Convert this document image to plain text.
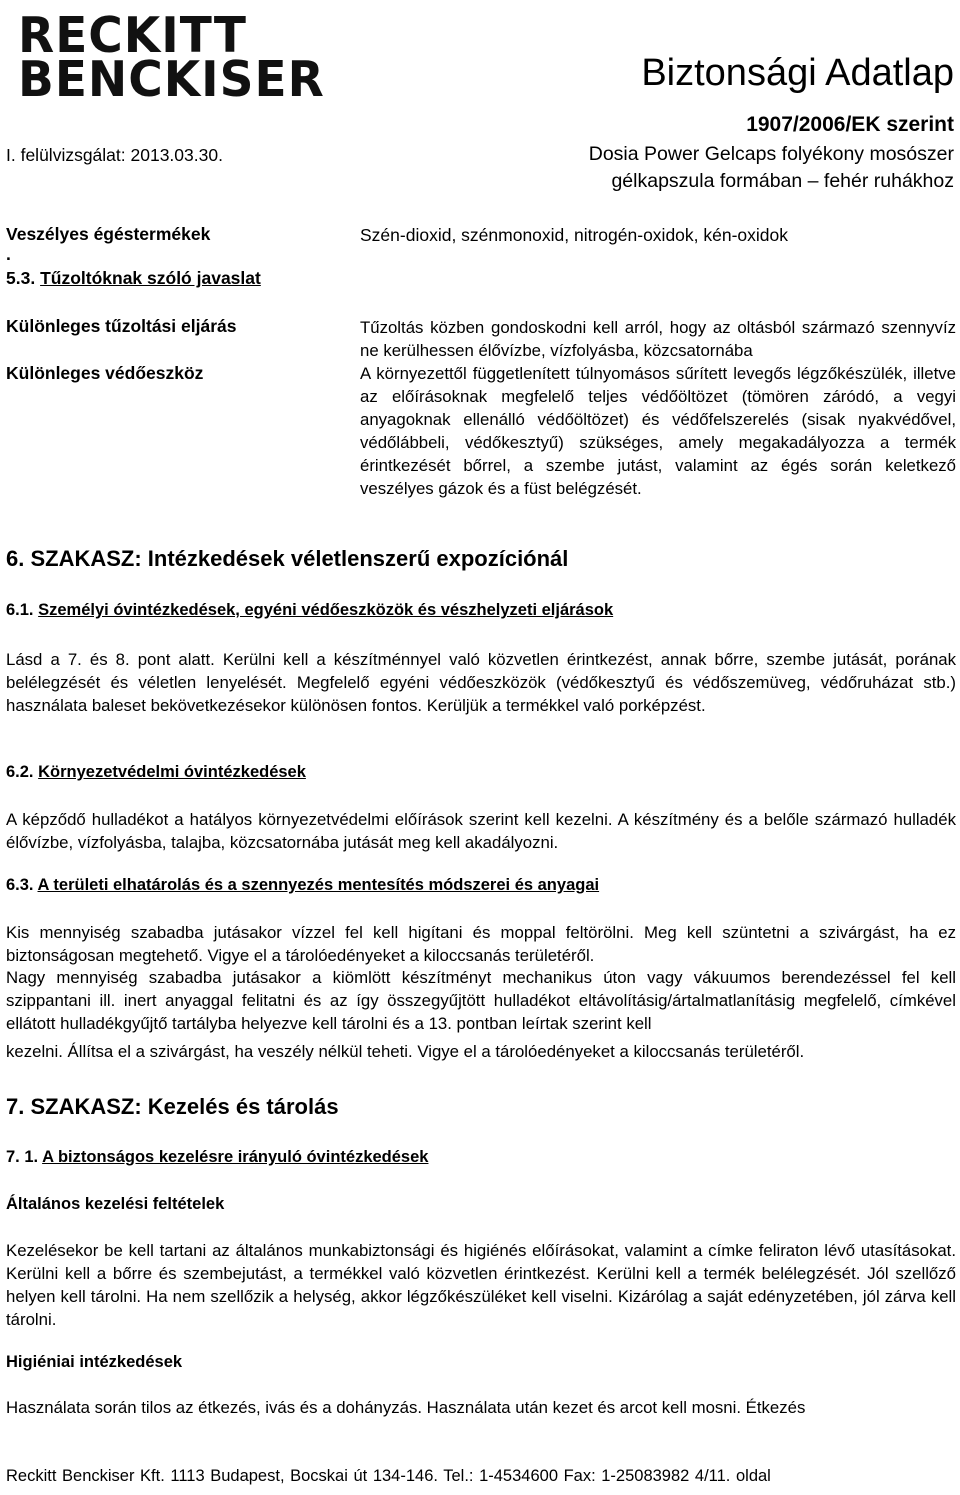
RECKITT
BENCKISER	Biztonsági Adatlap
1907/2006/EK szerint
I. felülvizsgálat: 2013.03.30.	Dosia Power Gelcaps folyékony mosószer
gélkapszula formában – fehér ruhákhoz
Veszélyes égéstermékek	Szén-dioxid, szénmonoxid, nitrogén-oxidok, kén-oxidok
.
5.3. Tűzoltóknak szóló javaslat
Különleges tűzoltási eljárás	Tűzoltás közben gondoskodni kell arról, hogy az oltásból származó szennyvíz ne kerülhessen élővízbe, vízfolyásba, közcsatornába
Különleges védőeszköz	A környezettől függetlenített túlnyomásos sűrített levegős légzőkészülék, illetve az előírásoknak megfelelő teljes védőöltözet (tömören záródó, a vegyi anyagoknak ellenálló védőöltözet) és védőfelszerelés (sisak nyakvédővel, védőlábbeli, védőkesztyű) szükséges, amely megakadályozza a termék érintkezését bőrrel, a szembe jutást, valamint az égés során keletkező veszélyes gázok és a füst belégzését.
6. SZAKASZ: Intézkedések véletlenszerű expozíciónál
6.1. Személyi óvintézkedések, egyéni védőeszközök és vészhelyzeti eljárások
Lásd a 7. és 8. pont alatt. Kerülni kell a készítménnyel való közvetlen érintkezést, annak bőrre, szembe jutását, porának belélegzését és véletlen lenyelését. Megfelelő egyéni védőeszközök (védőkesztyű és védőszemüveg, védőruházat stb.) használata baleset bekövetkezésekor különösen fontos. Kerüljük a termékkel való porképzést.
6.2. Környezetvédelmi óvintézkedések
A képződő hulladékot a hatályos környezetvédelmi előírások szerint kell kezelni. A készítmény és a belőle származó hulladék élővízbe, vízfolyásba, talajba, közcsatornába jutását meg kell akadályozni.
6.3. A területi elhatárolás és a szennyezés mentesítés módszerei és anyagai
Kis mennyiség szabadba jutásakor vízzel fel kell higítani és moppal feltörölni. Meg kell szüntetni a szivárgást, ha ez biztonságosan megtehető. Vigye el a tárolóedényeket a kiloccsanás területéről.
Nagy mennyiség szabadba jutásakor a kiömlött készítményt mechanikus úton vagy vákuumos berendezéssel fel kell szippantani ill. inert anyaggal felitatni és az így összegyűjtött hulladékot eltávolításig/ártalmatlanításig megfelelő, címkével ellátott hulladékgyűjtő tartályba helyezve kell tárolni és a 13. pontban leírtak szerint kell
kezelni. Állítsa el a szivárgást, ha veszély nélkül teheti. Vigye el a tárolóedényeket a kiloccsanás területéről.
7. SZAKASZ: Kezelés és tárolás
7. 1. A biztonságos kezelésre irányuló óvintézkedések
Általános kezelési feltételek
Kezelésekor be kell tartani az általános munkabiztonsági és higiénés előírásokat, valamint a címke feliraton lévő utasításokat. Kerülni kell a bőrre és szembejutást, a termékkel való közvetlen érintkezést. Kerülni kell a termék belélegzését. Jól szellőző helyen kell tárolni. Ha nem szellőzik a helység, akkor légzőkészüléket kell viselni. Kizárólag a saját edényzetében, jól zárva kell tárolni.
Higiéniai intézkedések
Használata során tilos az étkezés, ivás és a dohányzás. Használata után kezet és arcot kell mosni. Étkezés
Reckitt Benckiser Kft. 1113 Budapest, Bocskai út 134-146. Tel.: 1-4534600 Fax: 1-25083982 4/11. oldal
